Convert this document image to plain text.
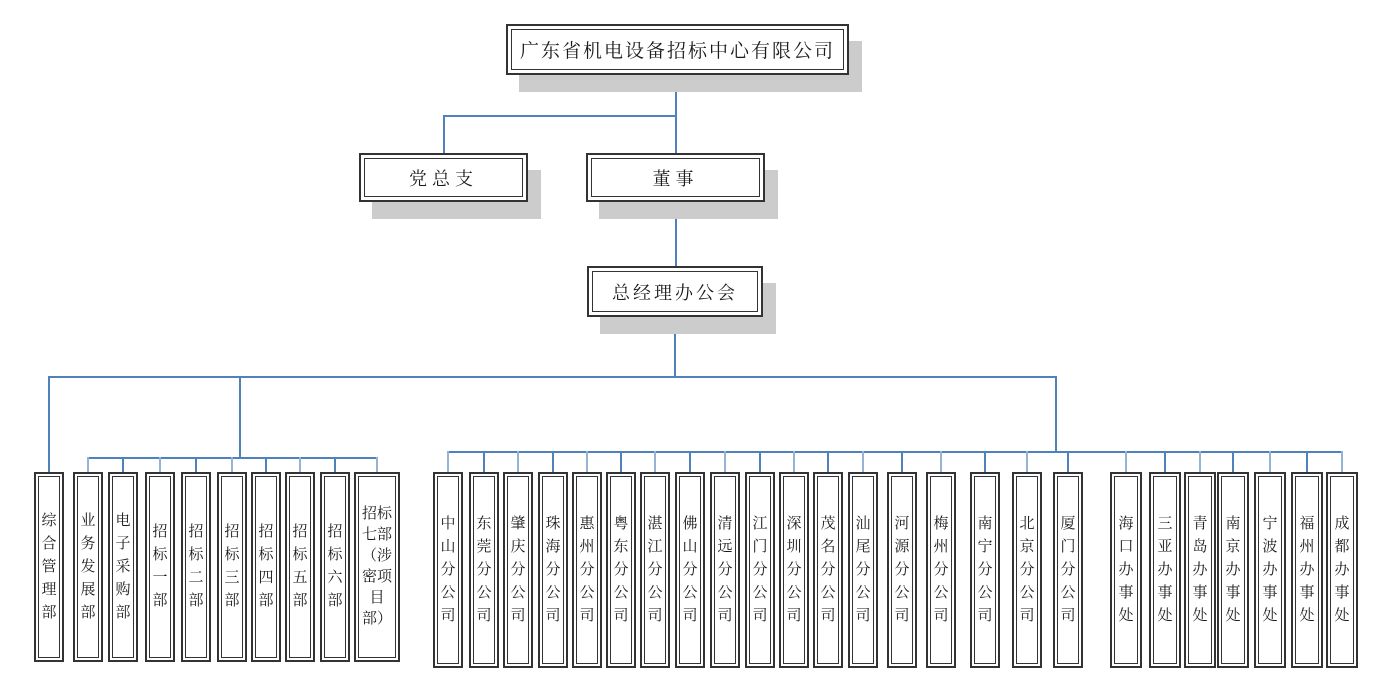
广东省机电设备招标中心有限公司
党总支	董事
总经理办公会
综合管理部
业务发展部
电子采购部
招标一部
招标二部
招标三部
招标四部
招标五部
招标六部
招标七部（涉密项目部）
中山分公司
东莞分公司
肇庆分公司
珠海分公司
惠州分公司
粤东分公司
湛江分公司
佛山分公司
清远分公司
江门分公司
深圳分公司
茂名分公司
汕尾分公司
河源分公司
梅州分公司
南宁分公司
北京分公司
厦门分公司
海口办事处
三亚办事处
青岛办事处
南京办事处
宁波办事处
福州办事处
成都办事处
